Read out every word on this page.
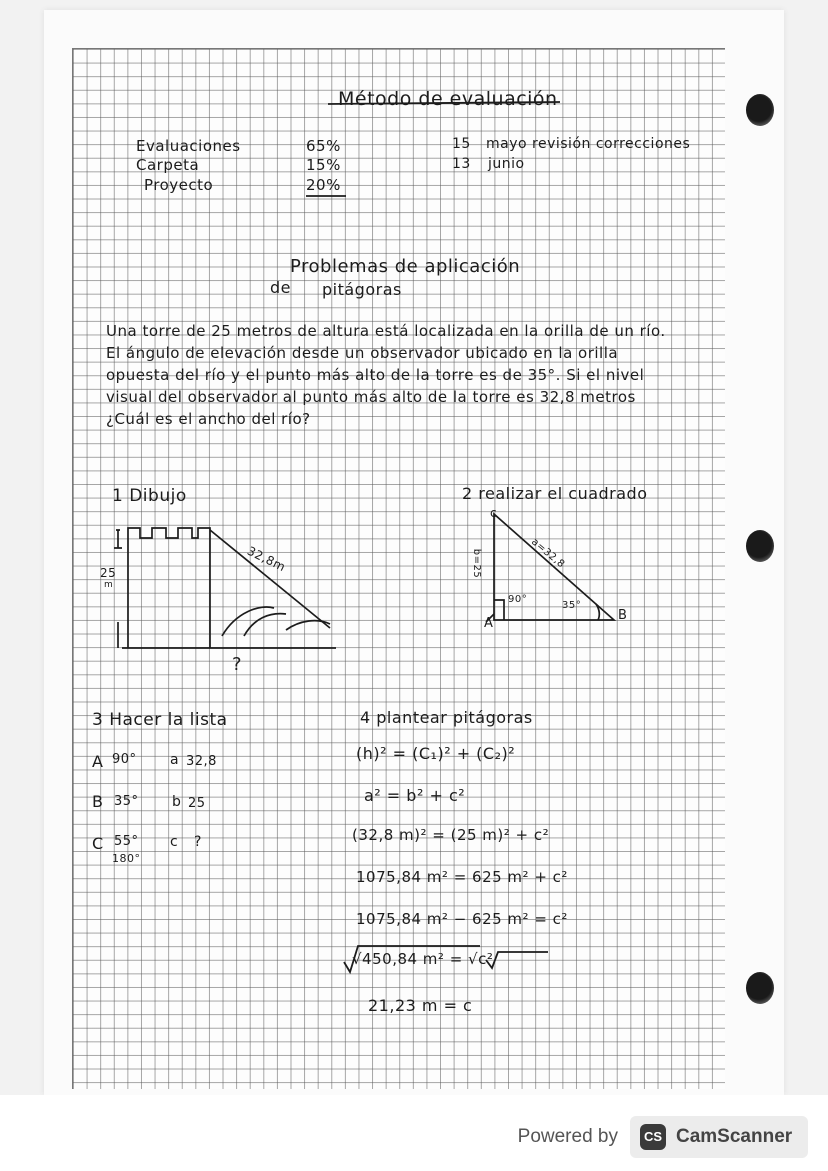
Método de evaluación
Evaluaciones
Carpeta
Proyecto
65%
15%
20%
15 mayo revisión correcciones
13 junio
Problemas de aplicación
de pitágoras
Una torre de 25 metros de altura está localizada en la orilla de un río. El ángulo de elevación desde un observador ubicado en la orilla opuesta del río y el punto más alto de la torre es de 35°. Si el nivel visual del observador al punto más alto de la torre es 32,8 metros ¿Cuál es el ancho del río?
1 Dibujo
25
m
32,8m
?
2 realizar el cuadrado
c
A
B
b=25	a=32,8
90°
35°
3 Hacer la lista
A 90° a 32,8
B 35° b 25
C 55° c ?
180°
4 plantear pitágoras
(h)² = (C₁)² + (C₂)²
a² = b² + c²
(32,8 m)² = (25 m)² + c²
1075,84 m² = 625 m² + c²
1075,84 m² − 625 m² = c²
√450,84 m² = √c²
21,23 m = c
Powered by	CS CamScanner
